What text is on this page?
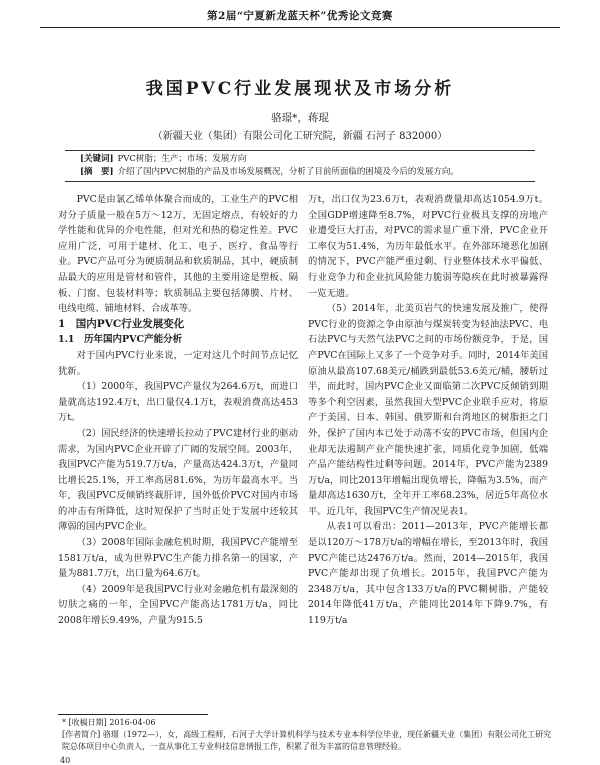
第2届“宁夏新龙蓝天杯”优秀论文竞赛
我国PVC行业发展现状及市场分析
骆璟*，蒋琨
（新疆天业（集团）有限公司化工研究院，新疆 石河子 832000）
[关键词] PVC树脂；生产；市场；发展方向
[摘　要] 介绍了国内PVC树脂的产品及市场发展概况，分析了目前所面临的困境及今后的发展方向。

PVC是由氯乙烯单体聚合而成的，工业生产的PVC相对分子质量一般在5万～12万，无固定熔点，有较好的力学性能和优异的介电性能，但对光和热的稳定性差。PVC应用广泛，可用于建材、化工、电子、医疗、食品等行业。PVC产品可分为硬质制品和软质制品，其中，硬质制品最大的应用是管材和管件，其他的主要用途是塑板、隔板、门窗、包装材料等；软质制品主要包括薄膜、片材、电线电缆、铺地材料、合成革等。

1　国内PVC行业发展变化

1.1　历年国内PVC产能分析

对于国内PVC行业来说，一定对这几个时间节点记忆犹新。

（1）2000年，我国PVC产量仅为264.6万t，而进口量就高达192.4万t，出口量仅4.1万t，表观消费高达453万t。

（2）国民经济的快速增长拉动了PVC建材行业的驱动需求，为国内PVC企业开辟了广阔的发展空间。2003年，我国PVC产能为519.7万t/a，产量高达424.3万t，产量同比增长25.1%，开工率高居81.6%，为历年最高水平。当年，我国PVC反倾销终裁肝评，国外低价PVC对国内市场的冲击有所降低，这时短保护了当时正处于发展中还较其薄弱的国内PVC企业。

（3）2008年国际金融危机时期，我国PVC产能增至1581万t/a，成为世界PVC生产能力排名第一的国家，产量为881.7万t，出口量为64.6万t。

（4）2009年是我国PVC行业对金融危机有最深刻的切肤之痛的一年，全国PVC产能高达1781万t/a，同比2008年增长9.49%，产量为915.5

万t，出口仅为23.6万t，表观消费量却高达1054.9万t。全国GDP增速降至8.7%，对PVC行业极具支撑的房地产业遭受巨大打击，对PVC的需求显广重下滑，PVC企业开工率仅为51.4%，为历年最低水平。在外部环境恶化加剧的情况下，PVC产能严重过剩、行业整体技术水平偏低、行业竞争力和企业抗风险能力脆弱等隐疾在此时被暴露得一览无遗。

（5）2014年，北美页岩气的快速发展及推广，使得PVC行业的资源之争由原油与煤炭转变为轻油法PVC、电石法PVC与天然气法PVC之间的市场份额竞争，于是，国产PVC在国际上又多了一个竞争对手。同时，2014年美国原油从最高107.68美元/桶跌到最低53.6美元/桶，腰斩过半，而此时，国内PVC企业又面临第二次PVC反倾销到期等多个利空因素，虽然我国大型PVC企业联手应对，将原产于美国、日本、韩国、俄罗斯和台湾地区的树脂拒之门外，保护了国内本已处于动荡不安的PVC市场，但国内企业却无法遏制产业产能快速扩张，同质化竞争加剧，低端产品产能结构性过剩等问题。2014年，PVC产能为2389万t/a，同比2013年增幅出现负增长，降幅为3.5%，而产量却高达1630万t，全年开工率68.23%，居近5年高位水平。近几年，我国PVC生产情况见表1。

从表1可以看出：2011—2013年，PVC产能增长都是以120万～178万t/a的增幅在增长，至2013年时，我国PVC产能已达2476万t/a。然而，2014—2015年，我国PVC产能却出现了负增长。2015年，我国PVC产能为2348万t/a，其中包含133万t/a的PVC糊树脂，产能较2014年降低41万t/a，产能同比2014年下降9.7%，有119万t/a

* [收稿日期] 2016-04-06
[作者简介] 骆璟（1972—），女，高级工程师，石河子大学计算机科学与技术专业本科学位毕业，现任新疆天业（集团）有限公司化工研究院总体项目中心负责人，一直从事化工专业科技信息情报工作，积累了很为丰富的信息管理经验。
40
